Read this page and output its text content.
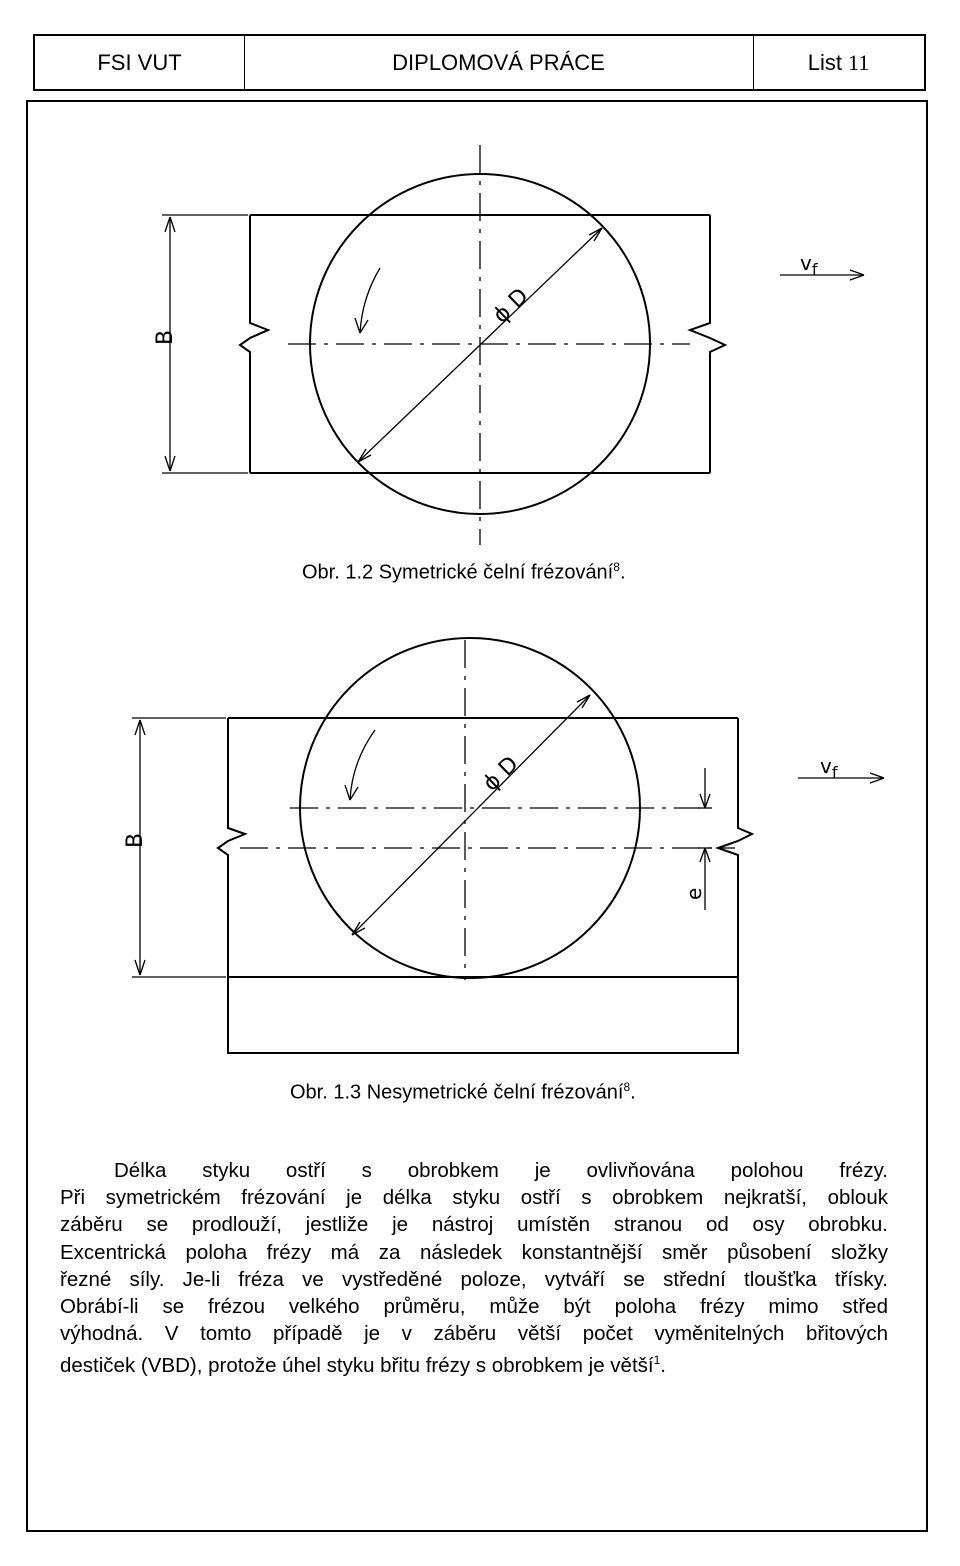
FSI VUT	DIPLOMOVÁ PRÁCE	List 11
ϕ D
B
$v_f$
Obr. 1.2 Symetrické čelní frézování$^8$.
ϕ D
B
e
$v_f$
Obr. 1.3 Nesymetrické čelní frézování$^8$.
Délka styku ostří s obrobkem je ovlivňována polohou frézy.
Při symetrickém frézování je délka styku ostří s obrobkem nejkratší, oblouk
záběru se prodlouží, jestliže je nástroj umístěn stranou od osy obrobku.
Excentrická poloha frézy má za následek konstantnější směr působení složky
řezné síly. Je-li fréza ve vystředěné poloze, vytváří se střední tloušťka třísky.
Obrábí-li se frézou velkého průměru, může být poloha frézy mimo střed
výhodná. V tomto případě je v záběru větší počet vyměnitelných břitových
destiček (VBD), protože úhel styku břitu frézy s obrobkem je větší$^1$.
